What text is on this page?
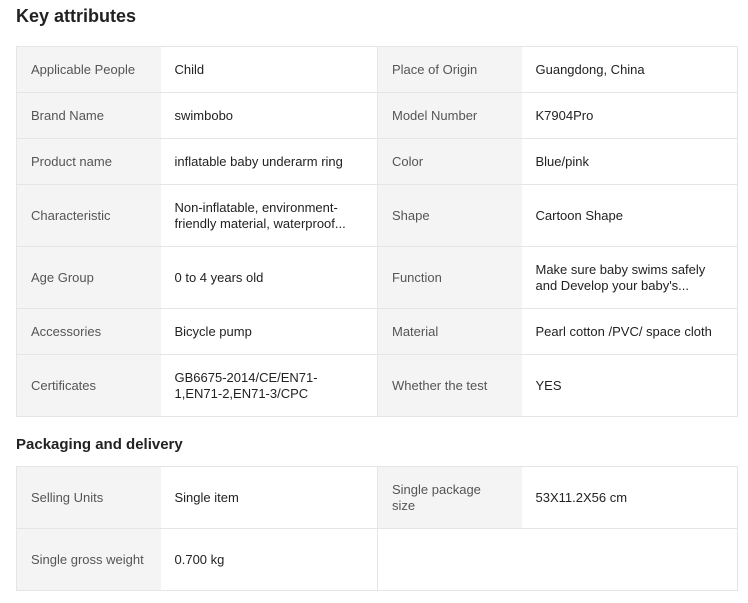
Key attributes
Applicable People	Child	Place of Origin	Guangdong, China

Brand Name	swimbobo	Model Number	K7904Pro

Product name	inflatable baby underarm ring	Color	Blue/pink

Characteristic	Non-inflatable, environment-friendly material, waterproof...	Shape	Cartoon Shape

Age Group	0 to 4 years old	Function	Make sure baby swims safely and Develop your baby's...

Accessories	Bicycle pump	Material	Pearl cotton /PVC/ space cloth

Certificates	GB6675-2014/CE/EN71-1,EN71-2,EN71-3/CPC	Whether the test	YES
Packaging and delivery
Selling Units	Single item	Single package size	53X11.2X56 cm

Single gross weight	0.700 kg		
